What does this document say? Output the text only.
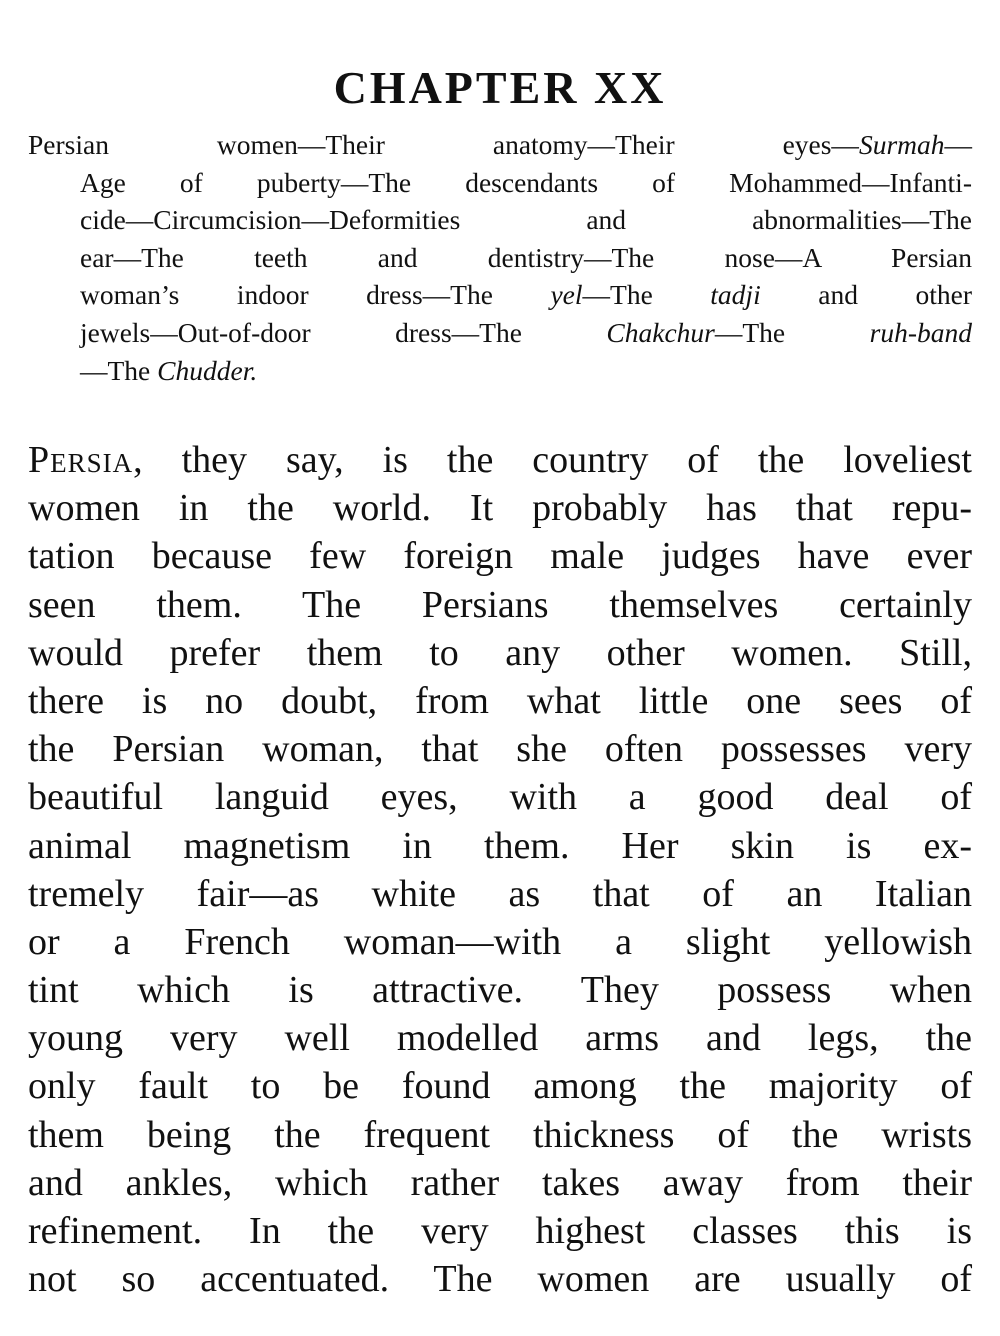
CHAPTER XX
Persian women—Their anatomy—Their eyes—Surmah—
Age of puberty—The descendants of Mohammed—Infanti-
cide—Circumcision—Deformities and abnormalities—The
ear—The teeth and dentistry—The nose—A Persian
woman’s indoor dress—The yel—The tadji and other
jewels—Out-of-door dress—The Chakchur—The ruh-band
—The Chudder.
Persia, they say, is the country of the loveliest
women in the world. It probably has that repu-
tation because few foreign male judges have ever
seen them. The Persians themselves certainly
would prefer them to any other women. Still,
there is no doubt, from what little one sees of
the Persian woman, that she often possesses very
beautiful languid eyes, with a good deal of
animal magnetism in them. Her skin is ex-
tremely fair—as white as that of an Italian
or a French woman—with a slight yellowish
tint which is attractive. They possess when
young very well modelled arms and legs, the
only fault to be found among the majority of
them being the frequent thickness of the wrists
and ankles, which rather takes away from their
refinement. In the very highest classes this is
not so accentuated. The women are usually of
